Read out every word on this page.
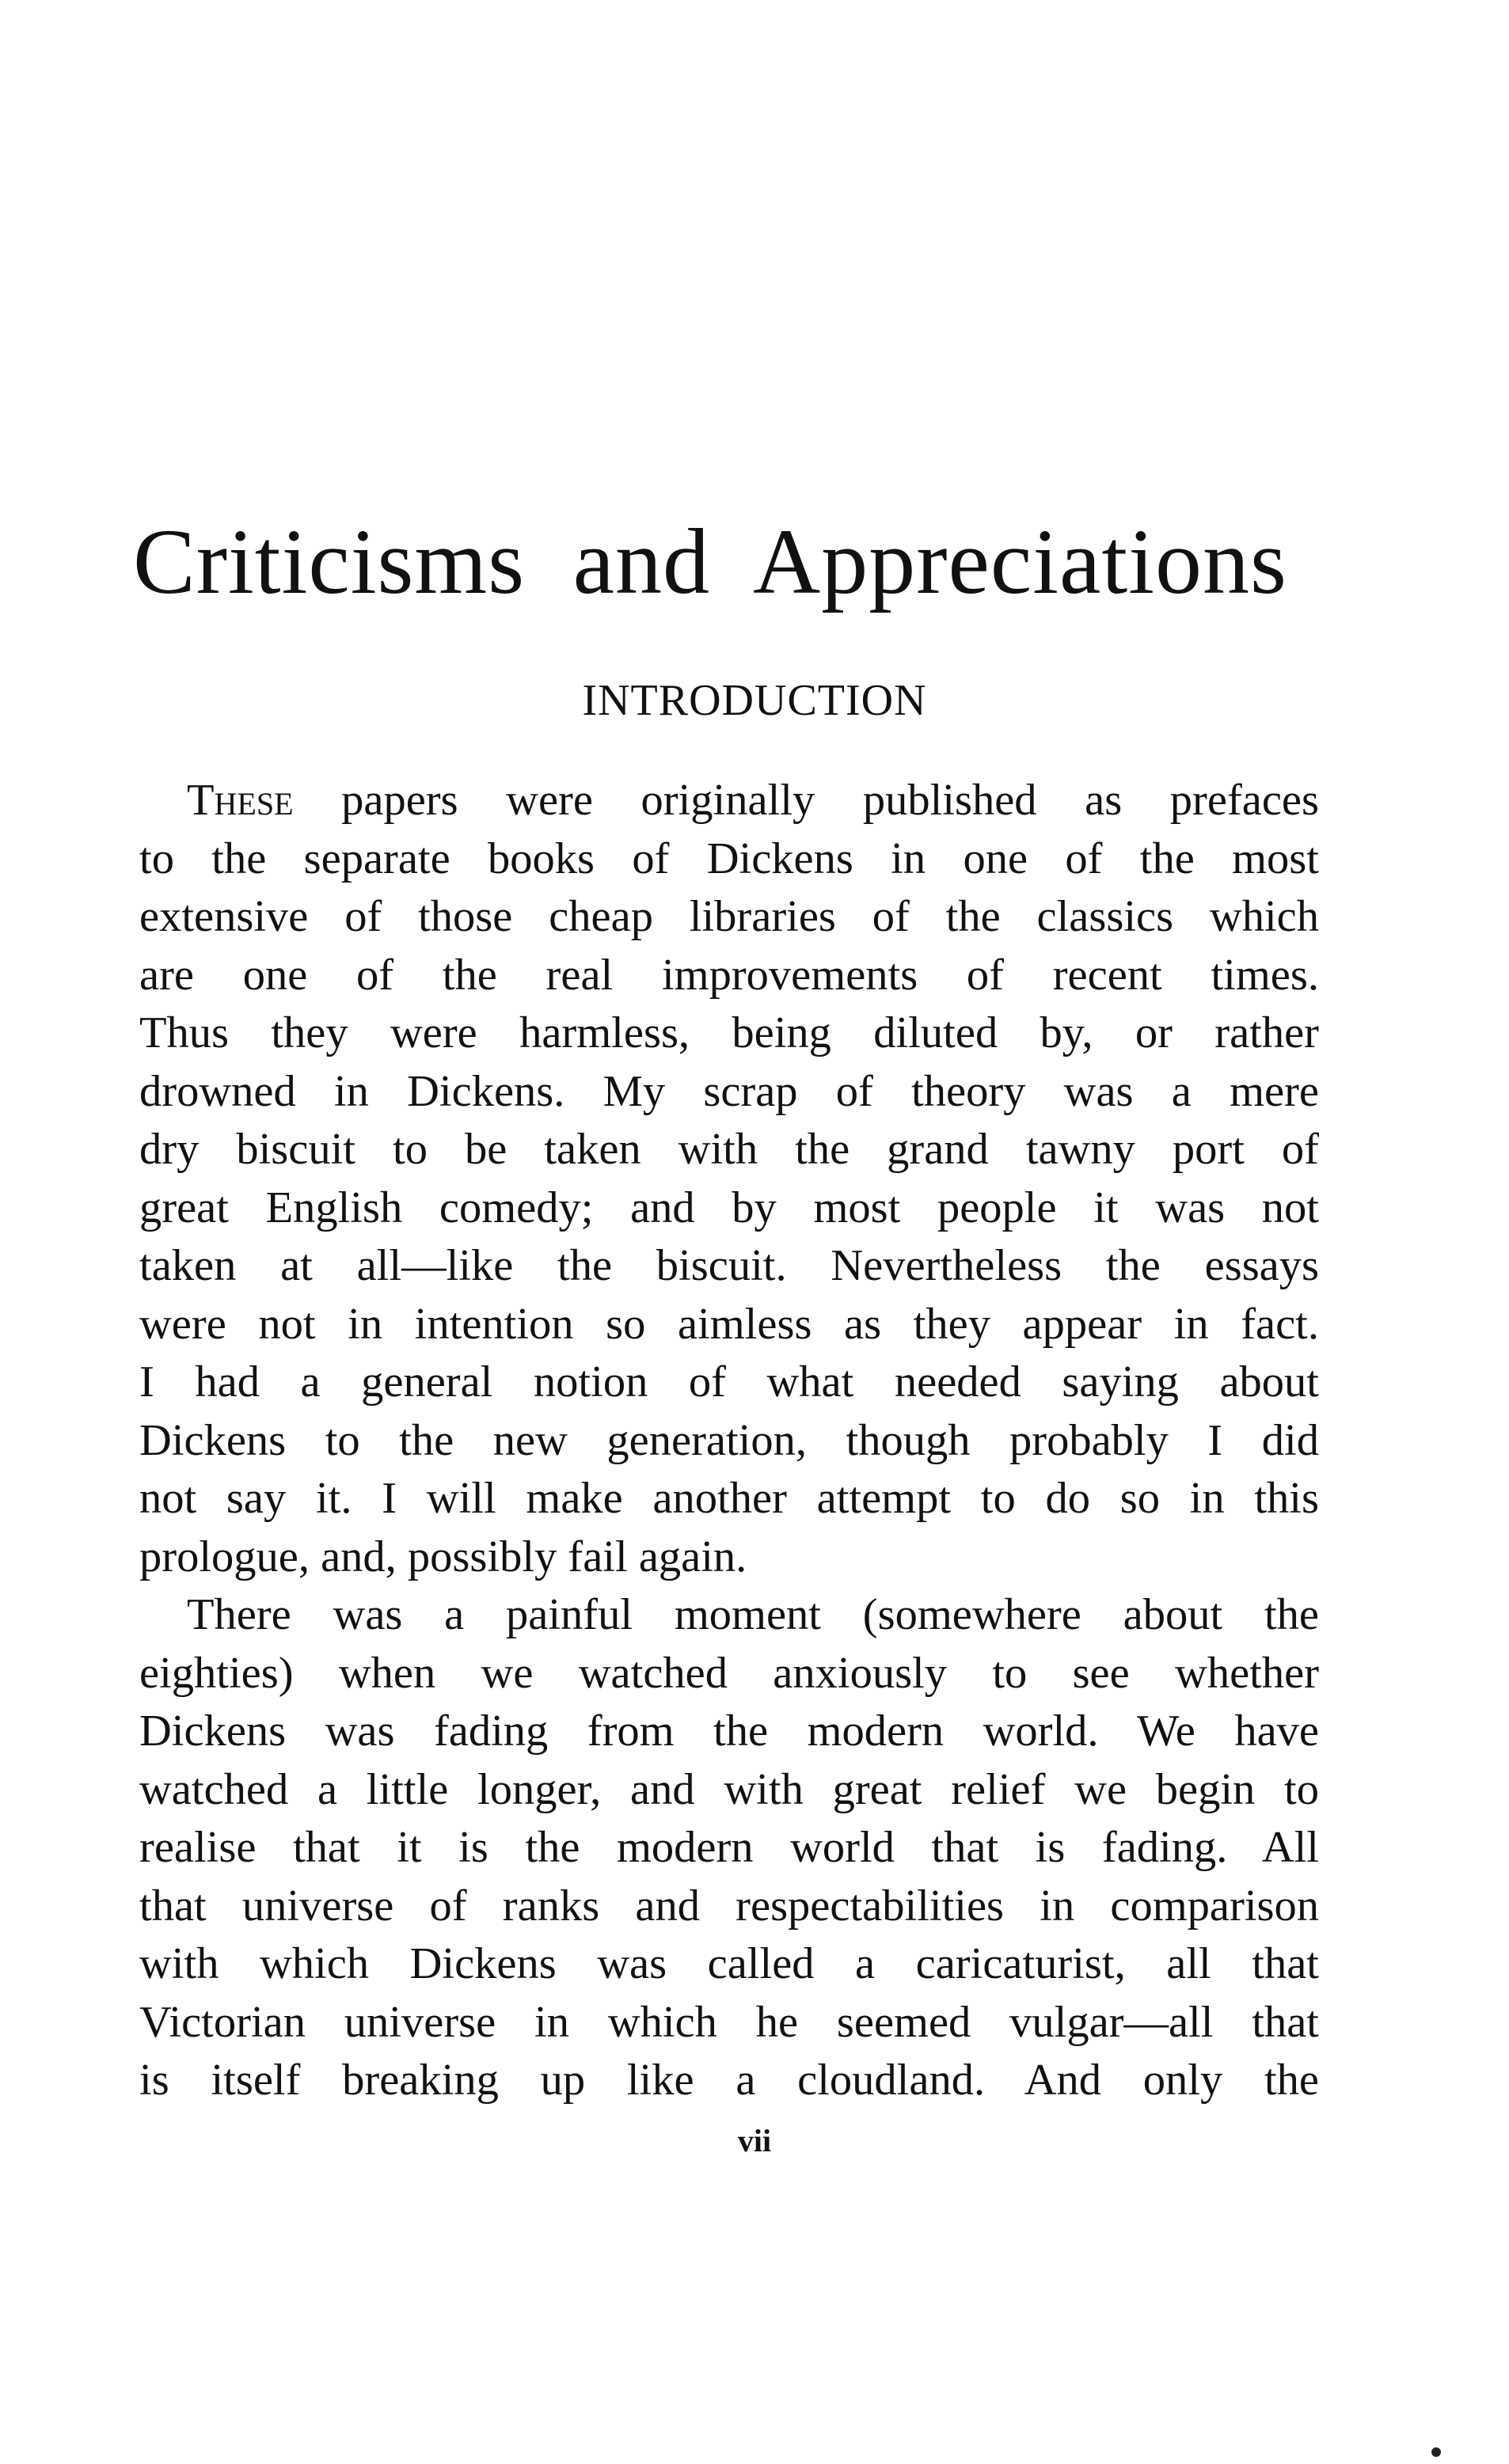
Criticisms and Appreciations
INTRODUCTION
These papers were originally published as prefaces
to the separate books of Dickens in one of the most
extensive of those cheap libraries of the classics which
are one of the real improvements of recent times.
Thus they were harmless, being diluted by, or rather
drowned in Dickens. My scrap of theory was a mere
dry biscuit to be taken with the grand tawny port of
great English comedy; and by most people it was not
taken at all—like the biscuit. Nevertheless the essays
were not in intention so aimless as they appear in fact.
I had a general notion of what needed saying about
Dickens to the new generation, though probably I did
not say it. I will make another attempt to do so in this
prologue, and, possibly fail again.
There was a painful moment (somewhere about the
eighties) when we watched anxiously to see whether
Dickens was fading from the modern world. We have
watched a little longer, and with great relief we begin to
realise that it is the modern world that is fading. All
that universe of ranks and respectabilities in comparison
with which Dickens was called a caricaturist, all that
Victorian universe in which he seemed vulgar—all that
is itself breaking up like a cloudland. And only the
vii
